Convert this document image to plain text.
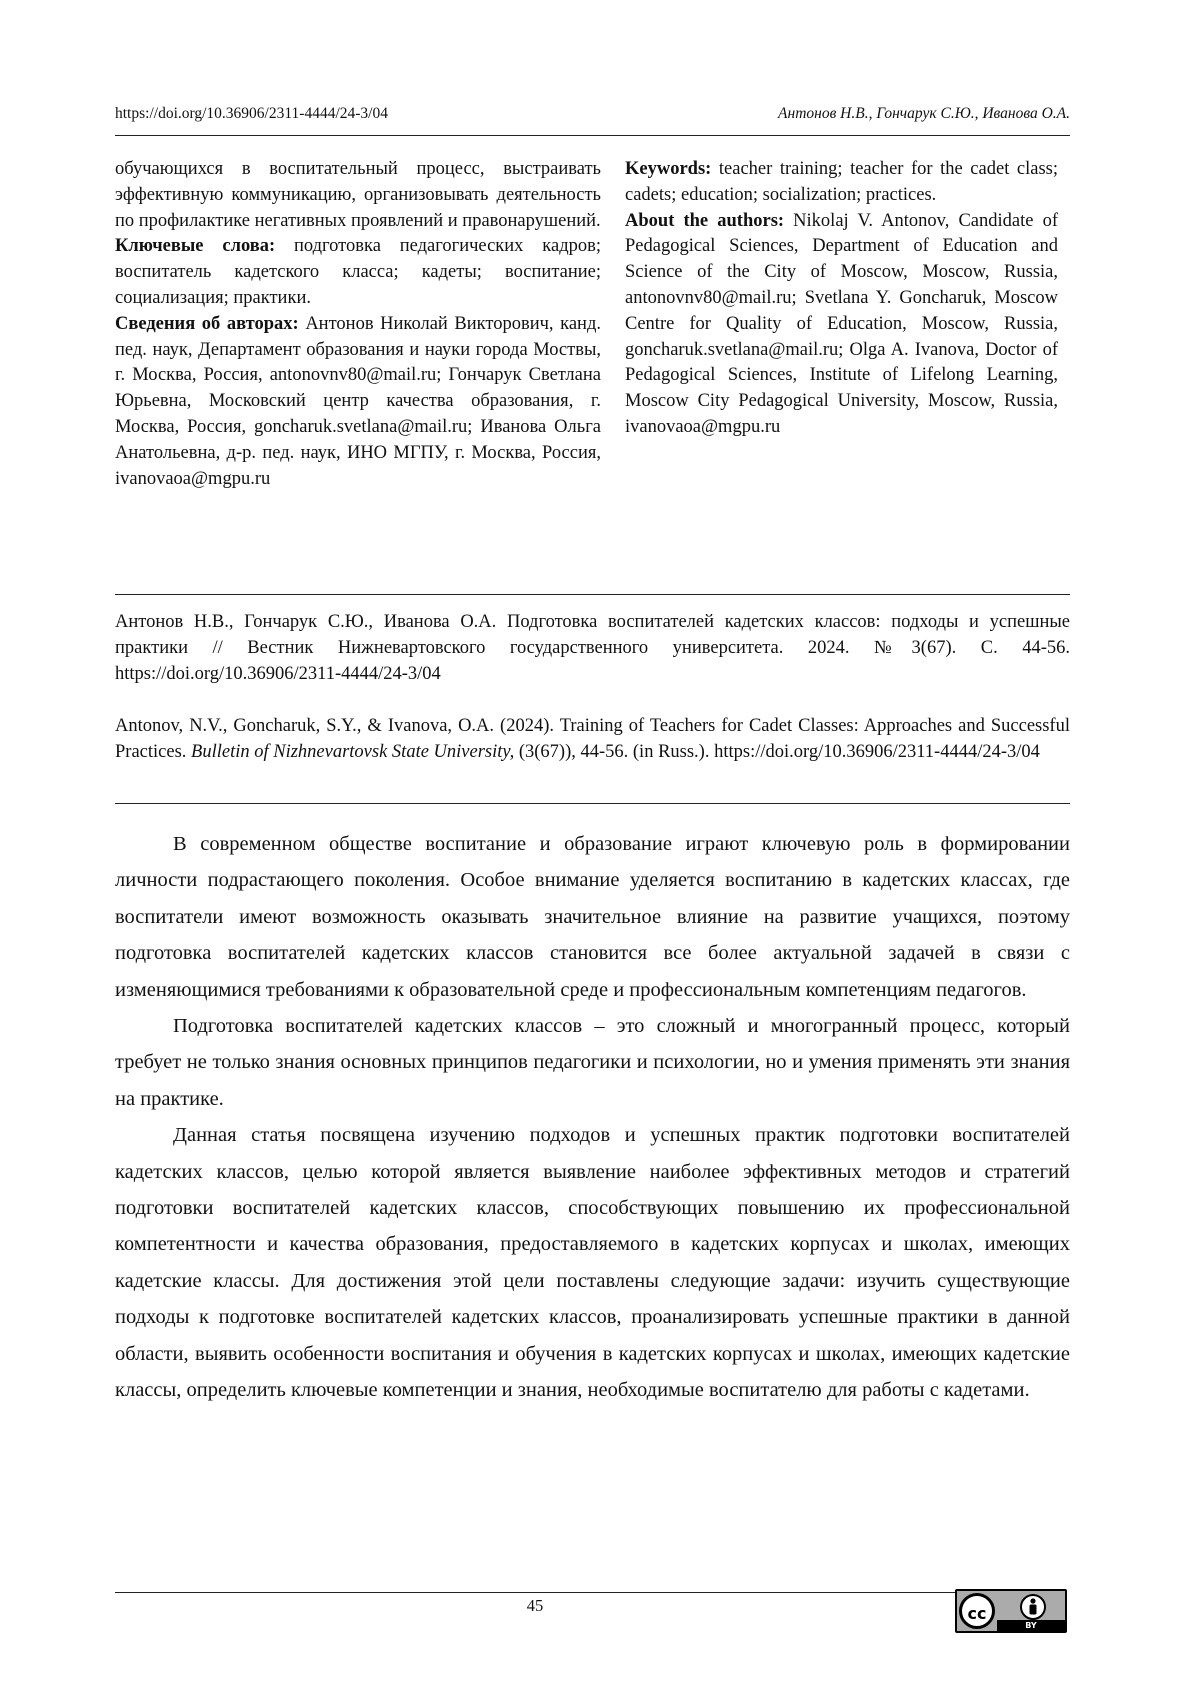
https://doi.org/10.36906/2311-4444/24-3/04	Антонов Н.В., Гончарук С.Ю., Иванова О.А.

обучающихся в воспитательный процесс, выстраивать эффективную коммуникацию, организовывать деятельность по профилактике негативных проявлений и правонарушений.

Ключевые слова: подготовка педагогических кадров; воспитатель кадетского класса; кадеты; воспитание; социализация; практики.

Сведения об авторах: Антонов Николай Викторович, канд. пед. наук, Департамент образования и науки города Моствы, г. Москва, Россия, antonovnv80@mail.ru; Гончарук Светлана Юрьевна, Московский центр качества образования, г. Москва, Россия, goncharuk.svetlana@mail.ru; Иванова Ольга Анатольевна, д-р. пед. наук, ИНО МГПУ, г. Москва, Россия, ivanovaoa@mgpu.ru

Keywords: teacher training; teacher for the cadet class; cadets; education; socialization; practices.

About the authors: Nikolaj V. Antonov, Candidate of Pedagogical Sciences, Department of Education and Science of the City of Moscow, Moscow, Russia, antonovnv80@mail.ru; Svetlana Y. Goncharuk, Moscow Centre for Quality of Education, Moscow, Russia, goncharuk.svetlana@mail.ru; Olga A. Ivanova, Doctor of Pedagogical Sciences, Institute of Lifelong Learning, Moscow City Pedagogical University, Moscow, Russia, ivanovaoa@mgpu.ru

Антонов Н.В., Гончарук С.Ю., Иванова О.А. Подготовка воспитателей кадетских классов: подходы и успешные практики // Вестник Нижневартовского государственного университета. 2024. №3(67). С. 44-56. https://doi.org/10.36906/2311-4444/24-3/04

Antonov, N.V., Goncharuk, S.Y., & Ivanova, O.A. (2024). Training of Teachers for Cadet Classes: Approaches and Successful Practices. Bulletin of Nizhnevartovsk State University, (3(67)), 44-56. (in Russ.). https://doi.org/10.36906/2311-4444/24-3/04

В современном обществе воспитание и образование играют ключевую роль в формировании личности подрастающего поколения. Особое внимание уделяется воспитанию в кадетских классах, где воспитатели имеют возможность оказывать значительное влияние на развитие учащихся, поэтому подготовка воспитателей кадетских классов становится все более актуальной задачей в связи с изменяющимися требованиями к образовательной среде и профессиональным компетенциям педагогов.

Подготовка воспитателей кадетских классов – это сложный и многогранный процесс, который требует не только знания основных принципов педагогики и психологии, но и умения применять эти знания на практике.

Данная статья посвящена изучению подходов и успешных практик подготовки воспитателей кадетских классов, целью которой является выявление наиболее эффективных методов и стратегий подготовки воспитателей кадетских классов, способствующих повышению их профессиональной компетентности и качества образования, предоставляемого в кадетских корпусах и школах, имеющих кадетские классы. Для достижения этой цели поставлены следующие задачи: изучить существующие подходы к подготовке воспитателей кадетских классов, проанализировать успешные практики в данной области, выявить особенности воспитания и обучения в кадетских корпусах и школах, имеющих кадетские классы, определить ключевые компетенции и знания, необходимые воспитателю для работы с кадетами.

45	cc
BY
